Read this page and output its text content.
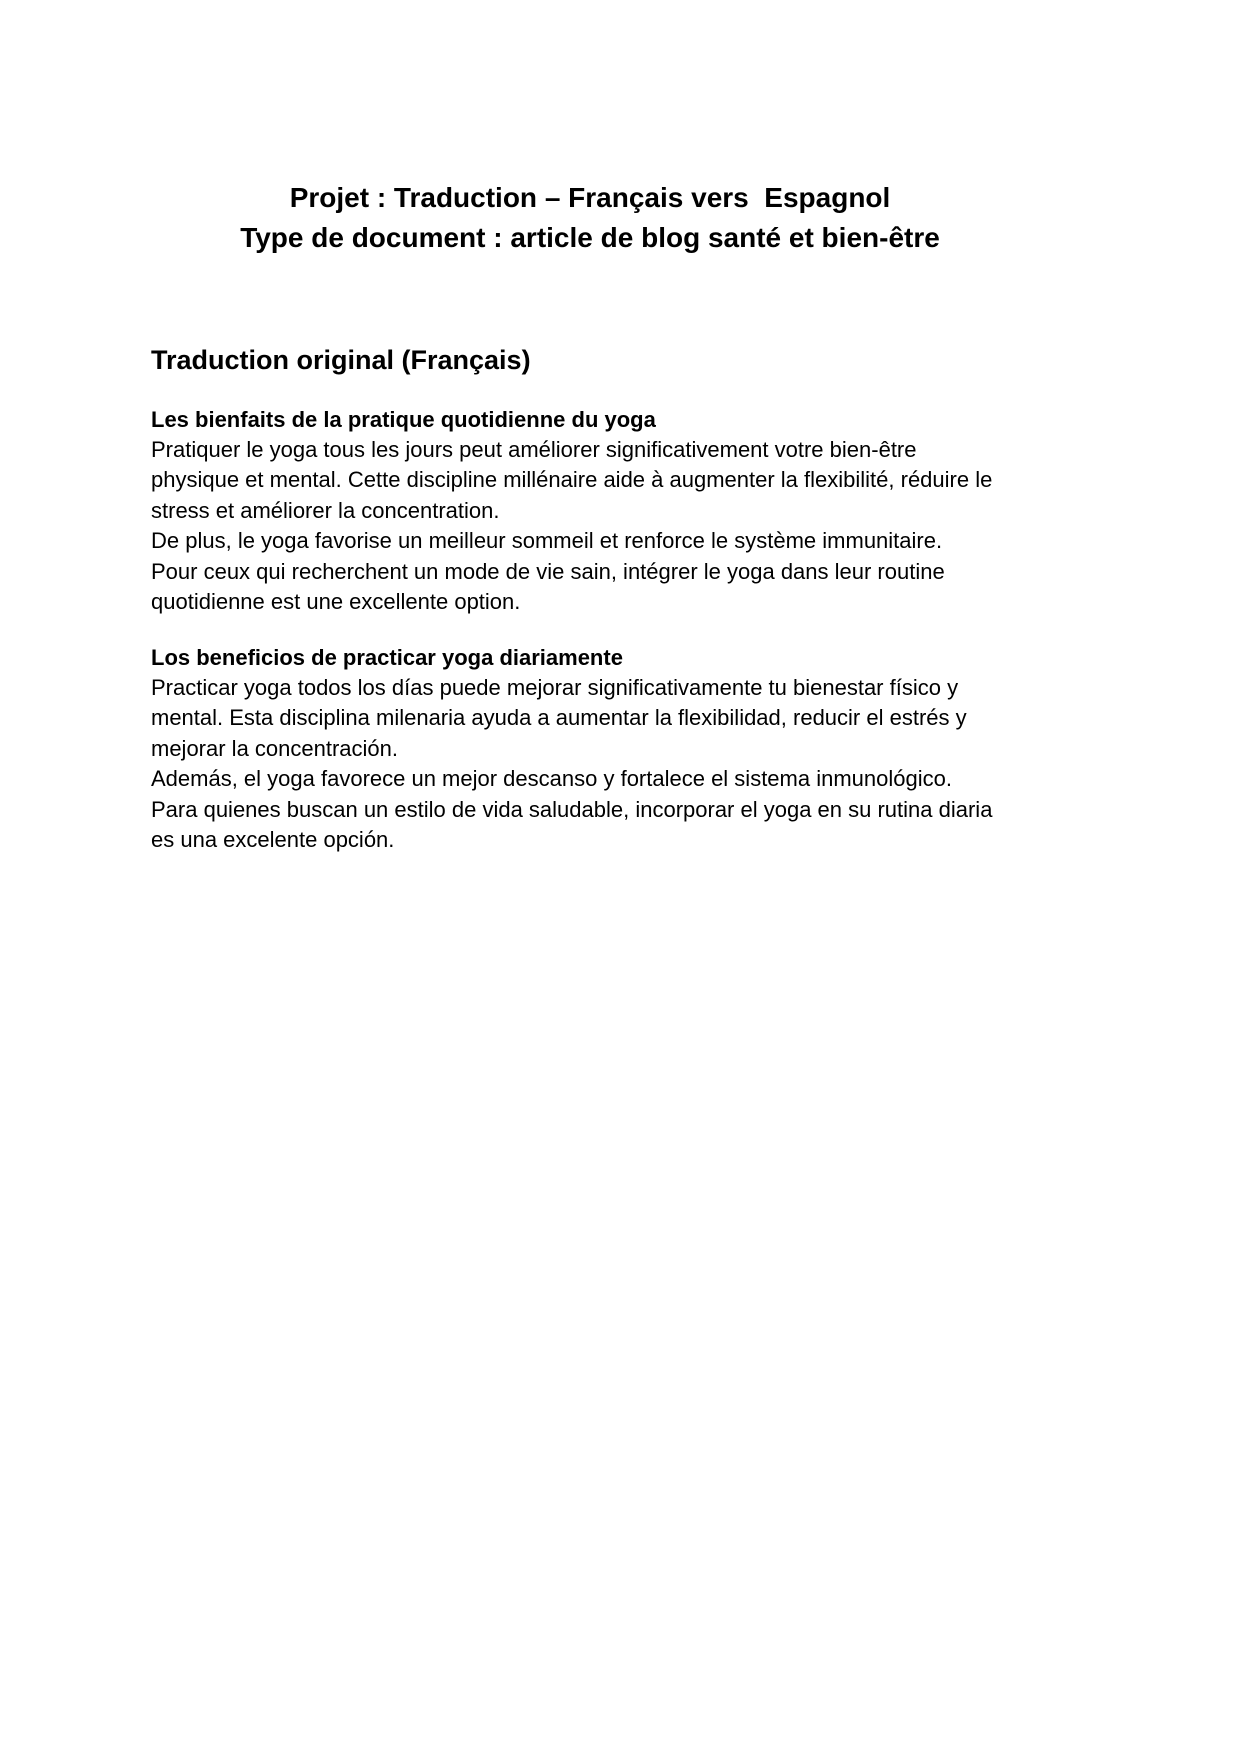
Projet : Traduction – Français vers  Espagnol
Type de document : article de blog santé et bien-être
Traduction original (Français)
Les bienfaits de la pratique quotidienne du yoga
Pratiquer le yoga tous les jours peut améliorer significativement votre bien-être
physique et mental. Cette discipline millénaire aide à augmenter la flexibilité, réduire le
stress et améliorer la concentration.
De plus, le yoga favorise un meilleur sommeil et renforce le système immunitaire.
Pour ceux qui recherchent un mode de vie sain, intégrer le yoga dans leur routine
quotidienne est une excellente option.
Los beneficios de practicar yoga diariamente
Practicar yoga todos los días puede mejorar significativamente tu bienestar físico y
mental. Esta disciplina milenaria ayuda a aumentar la flexibilidad, reducir el estrés y
mejorar la concentración.
Además, el yoga favorece un mejor descanso y fortalece el sistema inmunológico.
Para quienes buscan un estilo de vida saludable, incorporar el yoga en su rutina diaria
es una excelente opción.
